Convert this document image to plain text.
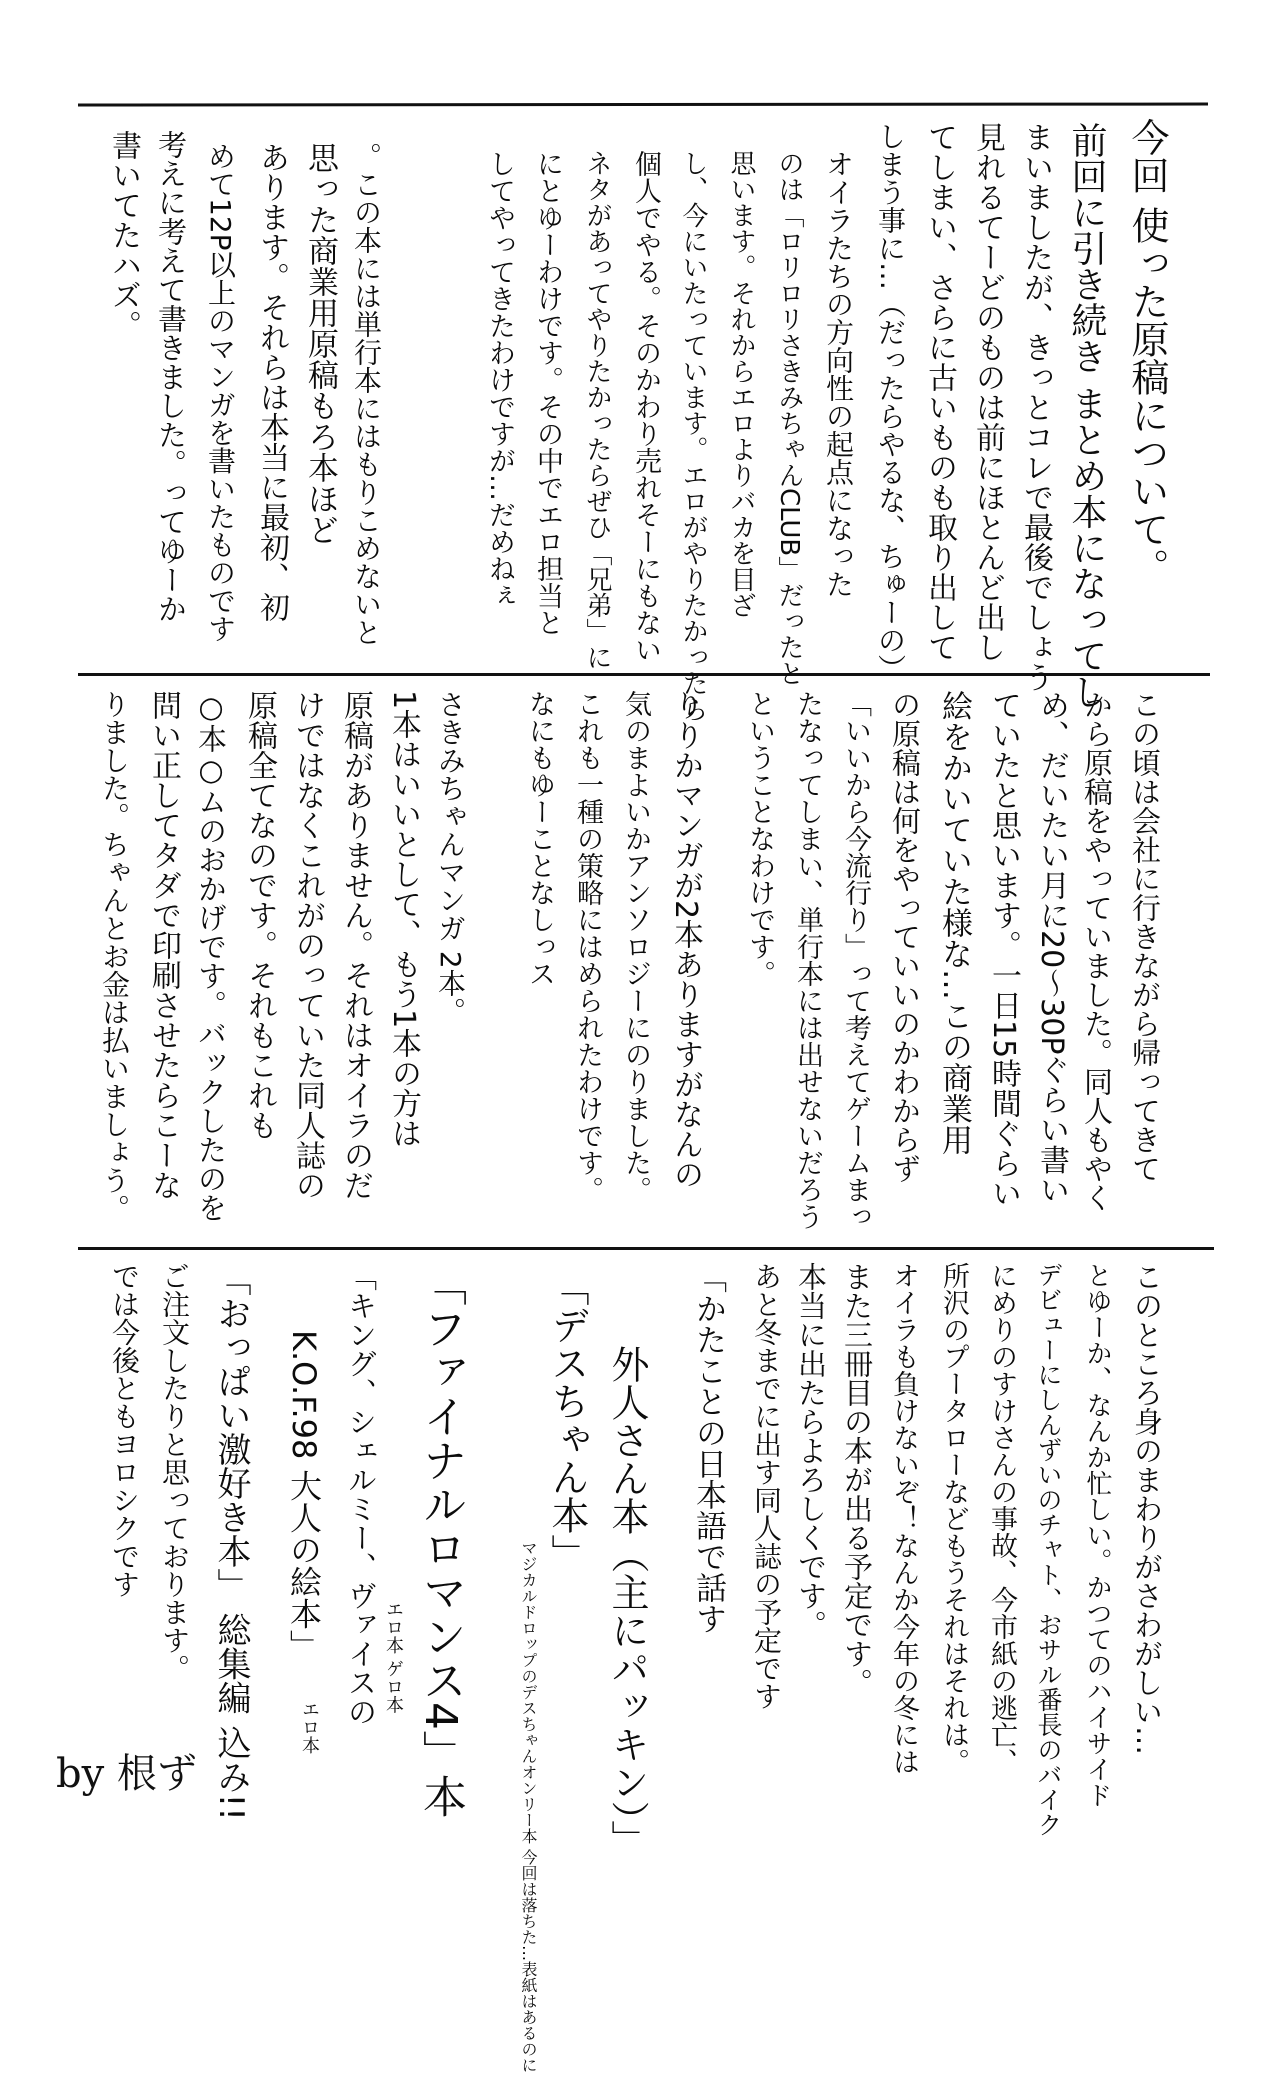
今回 使った原稿について。
前回に引き続き まとめ本になってし
まいましたが、きっとコレで最後でしょう
見れるてーどのものは前にほとんど出し
てしまい、さらに古いものも取り出して
しまう事に…（だったらやるな、ちゅーの）
オイラたちの方向性の起点になった
のは「ロリロリさきみちゃんCLUB」だったと
思います。それからエロよりバカを目ざ
し、今にいたっています。エロがやりたかったら
個人でやる。そのかわり売れそーにもない
ネタがあってやりたかったらぜひ「兄弟」に
にとゆーわけです。その中でエロ担当と
してやってきたわけですが…だめねぇ
。この本には単行本にはもりこめないと
思った商業用原稿もろ本ほど
あります。それらは本当に最初、初
めて12P以上のマンガを書いたものです
考えに考えて書きました。ってゆーか
書いてたハズ。
この頃は会社に行きながら帰ってきて
から原稿をやっていました。同人もやく
め、だいたい月に20～30Pぐらい書い
ていたと思います。一日15時間ぐらい
絵をかいていた様な…この商業用
の原稿は何をやっていいのかわからず
「いいから今流行り」って考えてゲームまっ
たなってしまい、単行本には出せないだろう
ということなわけです。
りりかマンガが2本ありますがなんの
気のまよいかアンソロジーにのりました。
これも一種の策略にはめられたわけです。
なにもゆーことなしっス
さきみちゃんマンガ 2本。
1本はいいとして、もう1本の方は
原稿がありません。それはオイラのだ
けではなくこれがのっていた同人誌の
原稿全てなのです。それもこれも
○本○ムのおかげです。バックしたのを
問い正してタダで印刷させたらこーな
りました。ちゃんとお金は払いましょう。
このところ身のまわりがさわがしい…
とゆーか、なんか忙しい。かつてのハイサイド
デビューにしんずいのチャト、おサル番長のバイク
にめりのすけさんの事故、今市紙の逃亡、
所沢のプータローなどもうそれはそれは。
オイラも負けないぞ！なんか今年の冬には
また三冊目の本が出る予定です。
本当に出たらよろしくです。
あと冬までに出す同人誌の予定です
「かたことの日本語で話す
外人さん本（主にパッキン）」
「デスちゃん本」
マジカルドロップのデスちゃんオンリー本 今回は落ちた…表紙はあるのに
「ファイナルロマンス4」本
エロ本 ゲロ本
「キング、シェルミー、ヴァイスの
K.O.F.98 大人の絵本」
エロ本
「おっぱい激好き本」 総集編 込み!!
ご注文したりと思っております。
では今後ともヨロシクです
by 根ず
